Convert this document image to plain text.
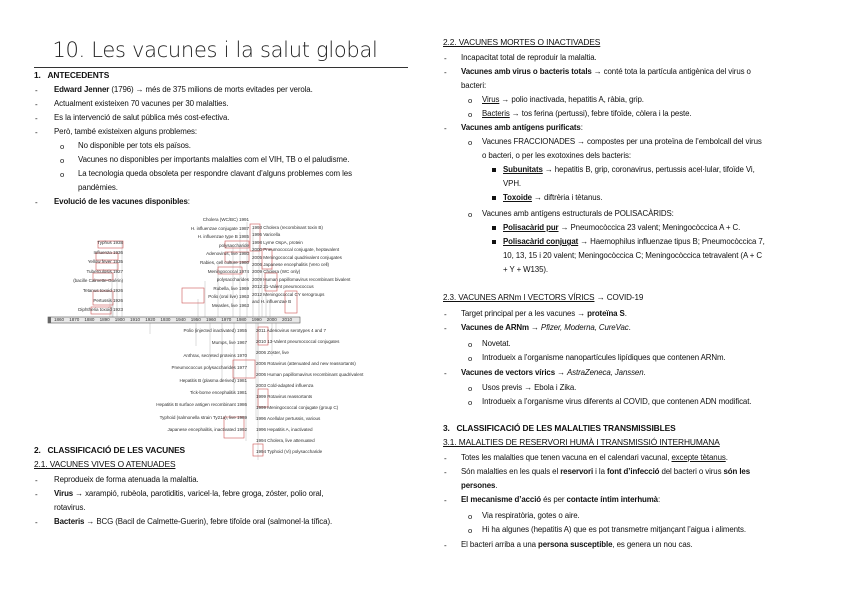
10. Les vacunes i la salut global
1.   ANTECEDENTS
- Edward Jenner (1796) → més de 375 milions de morts evitades per verola.
- Actualment existeixen 70 vacunes per 30 malalties.
- Es la intervenció de salut pública més cost-efectiva.
- Però, també existeixen alguns problemes:
o No disponible per tots els països.
o Vacunes no disponibles per importants malalties com el VIH, TB o el paludisme.
o La tecnologia queda obsoleta per respondre clavant d’alguns problemes com les
pandèmies.
- Evolució de les vacunes disponibles:
1860 1870 1880 1890 1900 1910 1920 1930 1940 1950 1960 1970 1980 1990 2000 2010
Typhus 1938
Influenza 1936
Yellow fever 1935
Tuberculosis 1927
(bacille Calmette-Guérin)
Tetanus toxoid 1926
Pertussis 1926
Diphtheria toxoid 1923
Cholera (WC/BC) 1991
H. influenzae conjugate 1987
H. influenzae type B 1985
polysaccharide
Adenovirus, live 1980
Rabies, cell culture 1980
Meningococcal 1974
polysaccharides
Rubella, live 1969
Polio (oral live) 1963
Measles, live 1963
1993 Cholera (recombinant toxin B)
1995 Varicella
1998 Lyme OspA, protein
2000 Pneumococcal conjugate, heptavalent
2005 Meningococcal quadrivalent conjugates
2006 Japanese encephalitis (Vero cell)
2009 Cholera (WC only)
2009 Human papillomavirus recombinant bivalent
2012 21-Valent pneumococcus
2012 Meningococcal CY serogroups
and H. influenzae B
Polio (injected inactivated) 1955
Mumps, live 1967
Anthrax, secreted proteins 1970
Pneumococcus polysaccharides 1977
Hepatitis B (plasma derived) 1981
Tick-borne encephalitis 1981
Hepatitis B surface antigen recombinant 1986
Typhoid (salmonella strain Ty21a), live 1989
Japanese encephalitis, inactivated 1992
2011 Adenovirus serotypes 4 and 7
2010 13-Valent pneumococcal conjugates
2006 Zoster, live
2006 Rotavirus (attenuated and new reassortants)
2006 Human papillomavirus recombinant quadrivalent
2003 Cold-adapted influenza
1999 Rotavirus reassortants
1999 Meningococcal conjugate (group C)
1996 Acellular pertussis, various
1996 Hepatitis A, inactivated
1994 Cholera, live attenuated
1994 Typhoid (Vi) polysaccharide
2.   CLASSIFICACIÓ DE LES VACUNES
2.1. VACUNES VIVES O ATENUADES
- Reprodueix de forma atenuada la malaltia.
- Virus → xarampió, rubèola, parotiditis, varicel·la, febre groga, zóster, polio oral,
rotavirus.
- Bacteris → BCG (Bacil de Calmette-Guerin), febre tifoïde oral (salmonel·la tífica).
2.2. VACUNES MORTES O INACTIVADES
- Incapacitat total de reproduir la malaltia.
- Vacunes amb virus o bacteris totals → conté tota la partícula antigènica del virus o
bacteri:
o Virus → polio inactivada, hepatitis A, ràbia, grip.
o Bacteris → tos ferina (pertussi), febre tifoïde, còlera i la peste.
- Vacunes amb antígens purificats:
o Vacunes FRACCIONADES → compostes per una proteïna de l’embolcall del virus
o bacteri, o per les exotoxines dels bacteris:
Subunitats → hepatitis B, grip, coronavirus, pertussis acel·lular, tifoïde Vi,
VPH.
Toxoide → diftrèria i tètanus.
o Vacunes amb antígens estructurals de POLISACÀRIDS:
Polisacàrid pur → Pneumocòccica 23 valent; Meningocòccica A + C.
Polisacàrid conjugat → Haemophilus influenzae tipus B; Pneumocòccica 7,
10, 13, 15 i 20 valent; Meningocòccica C; Meningocòccica tetravalent (A + C
+ Y + W135).
2.3. VACUNES ARNm I VECTORS VÍRICS → COVID-19
- Target principal per a les vacunes → proteïna S.
- Vacunes de ARNm → Pfizer, Moderna, CureVac.
o Novetat.
o Introdueix a l’organisme nanopartícules lipídiques que contenen ARNm.
- Vacunes de vectors vírics → AstraZeneca, Janssen.
o Usos previs → Ebola i Zika.
o Introdueix a l’organisme virus diferents al COVID, que contenen ADN modificat.
3.   CLASSIFICACIÓ DE LES MALALTIES TRANSMISSIBLES
3.1. MALALTIES DE RESERVORI HUMÀ I TRANSMISSIÓ INTERHUMANA
- Totes les malalties que tenen vacuna en el calendari vacunal, excepte tètanus.
- Són malalties en les quals el reservori i la font d’infecció del bacteri o virus són les
persones.
- El mecanisme d’acció és per contacte íntim interhumà:
o Via respiratòria, gotes o aire.
o Hi ha algunes (hepatitis A) que es pot transmetre mitjançant l’aigua i aliments.
- El bacteri arriba a una persona susceptible, es genera un nou cas.
